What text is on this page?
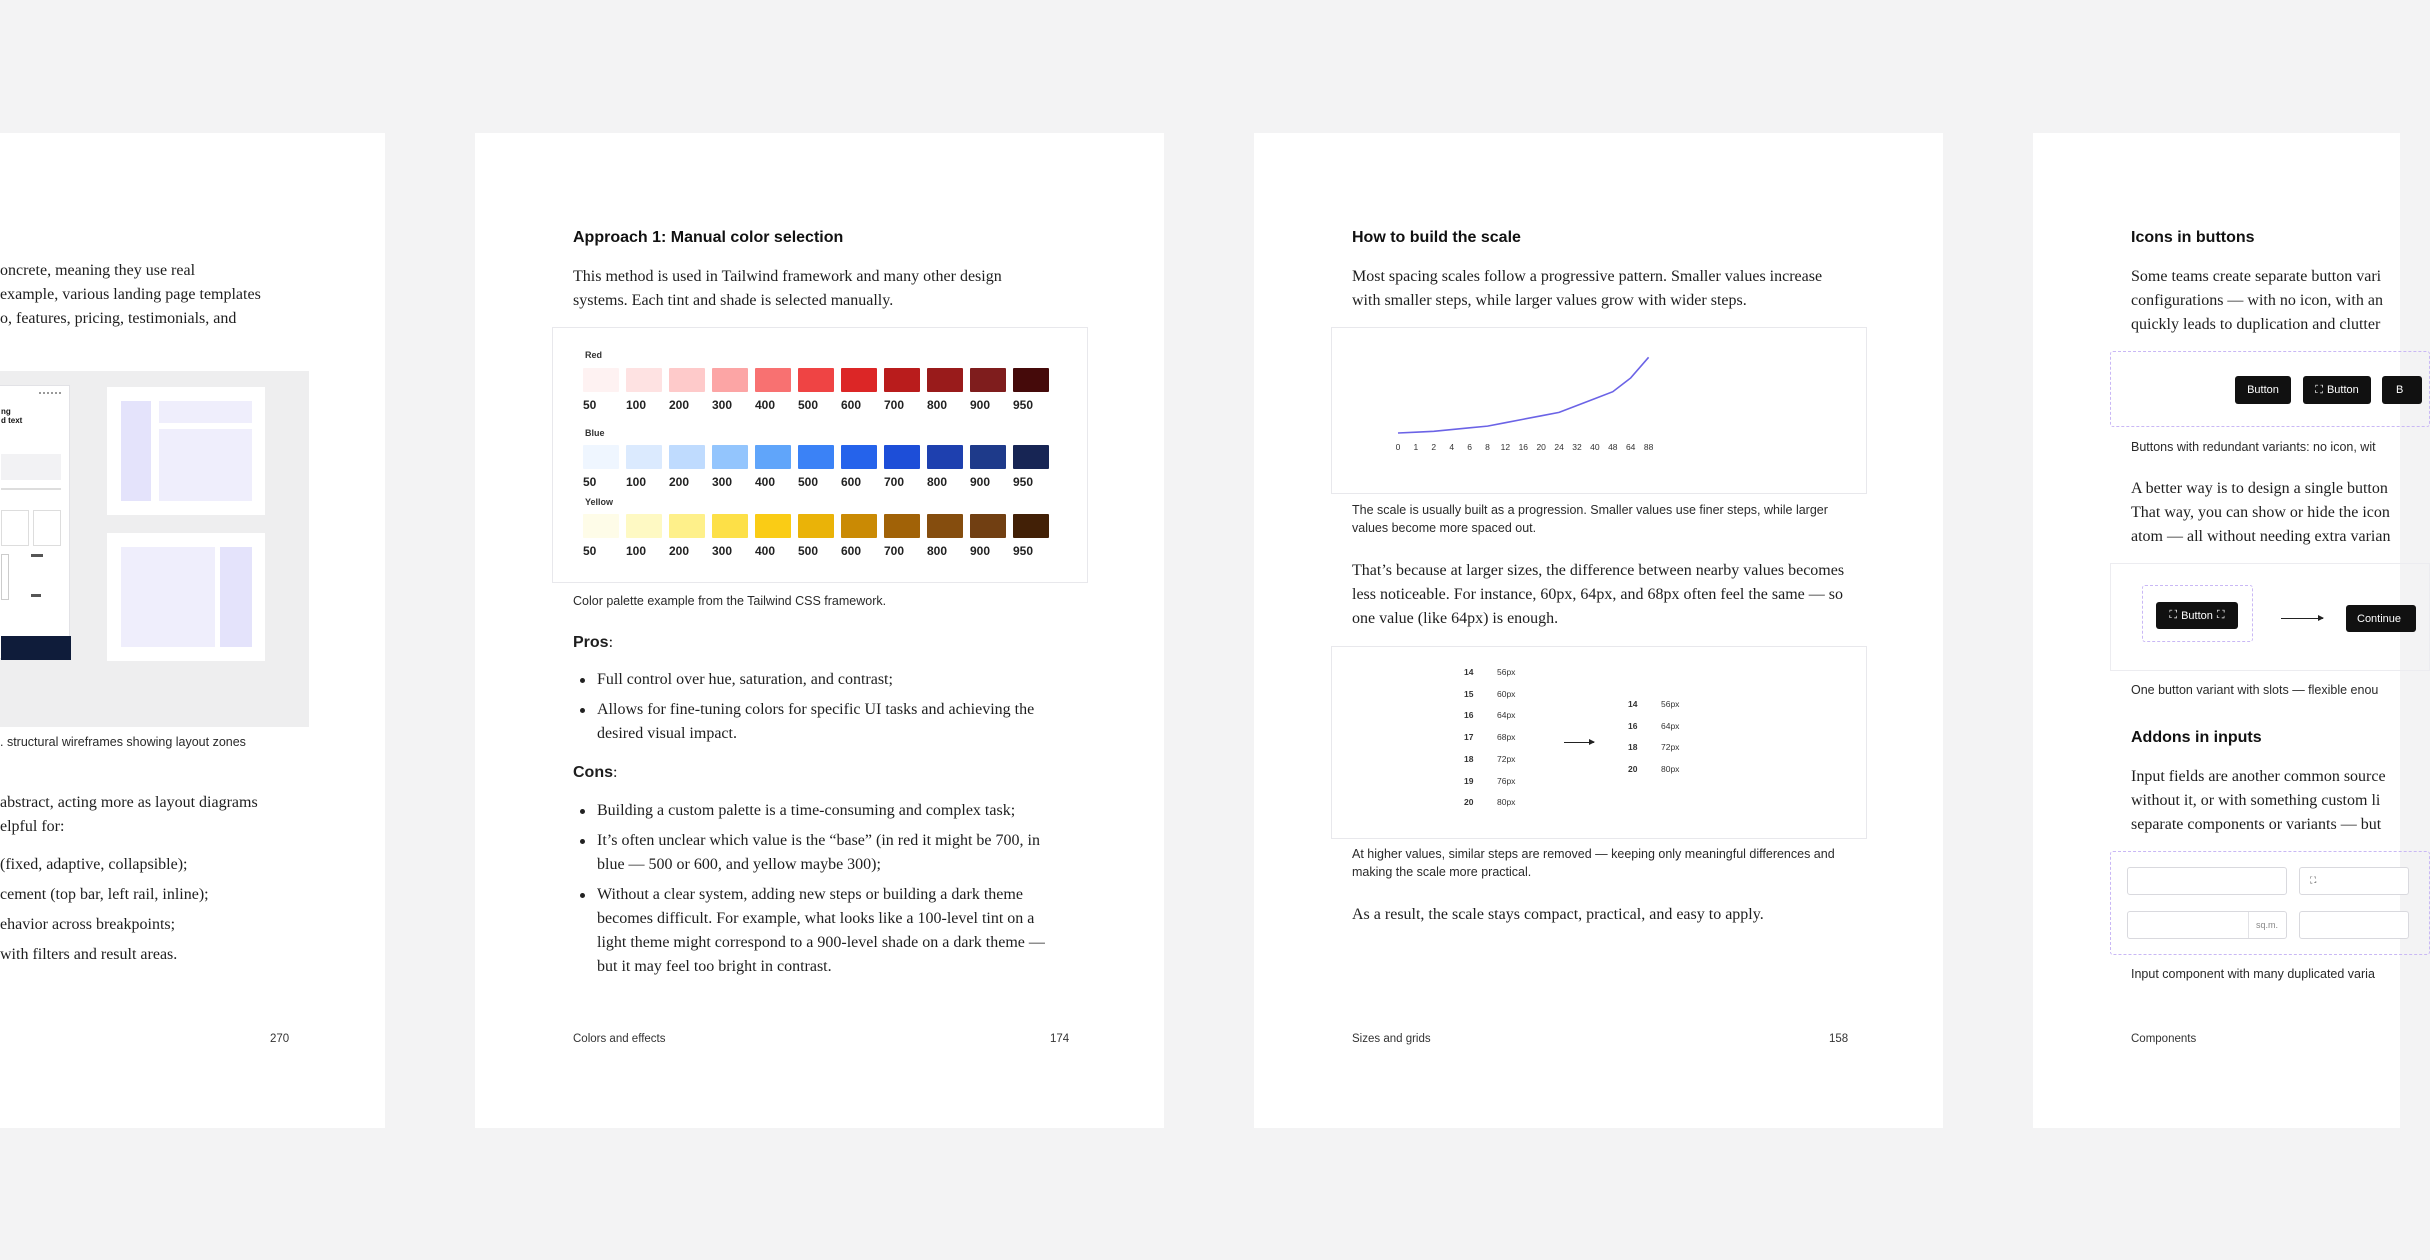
oncrete, meaning they use real
example, various landing page templates
o, features, pricing, testimonials, and
ng
d text
. structural wireframes showing layout zones
abstract, acting more as layout diagrams
elpful for:
(fixed, adaptive, collapsible);
cement (top bar, left rail, inline);
ehavior across breakpoints;
with filters and result areas.
270
Approach 1: Manual color selection
This method is used in Tailwind framework and many other design systems. Each tint and shade is selected manually.
Red
50	100	200	300	400	500	600	700	800	900	950
Blue
50	100	200	300	400	500	600	700	800	900	950
Yellow
50	100	200	300	400	500	600	700	800	900	950
Color palette example from the Tailwind CSS framework.
Pros:
Full control over hue, saturation, and contrast;
Allows for fine-tuning colors for specific UI tasks and achieving the desired visual impact.
Cons:
Building a custom palette is a time-consuming and complex task;
It’s often unclear which value is the “base” (in red it might be 700, in blue — 500 or 600, and yellow maybe 300);
Without a clear system, adding new steps or building a dark theme becomes difficult. For example, what looks like a 100-level tint on a light theme might correspond to a 900-level shade on a dark theme — but it may feel too bright in contrast.
Colors and effects	174
How to build the scale
Most spacing scales follow a progressive pattern. Smaller values increase with smaller steps, while larger values grow with wider steps.
0 1 2 4 6 8 12 16 20 24 32 40 48 64 88
The scale is usually built as a progression. Smaller values use finer steps, while larger values become more spaced out.
That’s because at larger sizes, the difference between nearby values becomes less noticeable. For instance, 60px, 64px, and 68px often feel the same — so one value (like 64px) is enough.
14	56px
15	60px
16	64px
17	68px
18	72px
19	76px
20	80px
14	56px
16	64px
18	72px
20	80px
At higher values, similar steps are removed — keeping only meaningful differences and making the scale more practical.
As a result, the scale stays compact, practical, and easy to apply.
Sizes and grids	158
Icons in buttons
Some teams create separate button vari
configurations — with no icon, with an
quickly leads to duplication and clutter
Button	⛶ Button	B
Buttons with redundant variants: no icon, wit
A better way is to design a single button
That way, you can show or hide the icon
atom — all without needing extra varian
⛶ Button ⛶	Continue
One button variant with slots — flexible enou
Addons in inputs
Input fields are another common source
without it, or with something custom li
separate components or variants — but
⛶
sq.m.
Input component with many duplicated varia
Components
